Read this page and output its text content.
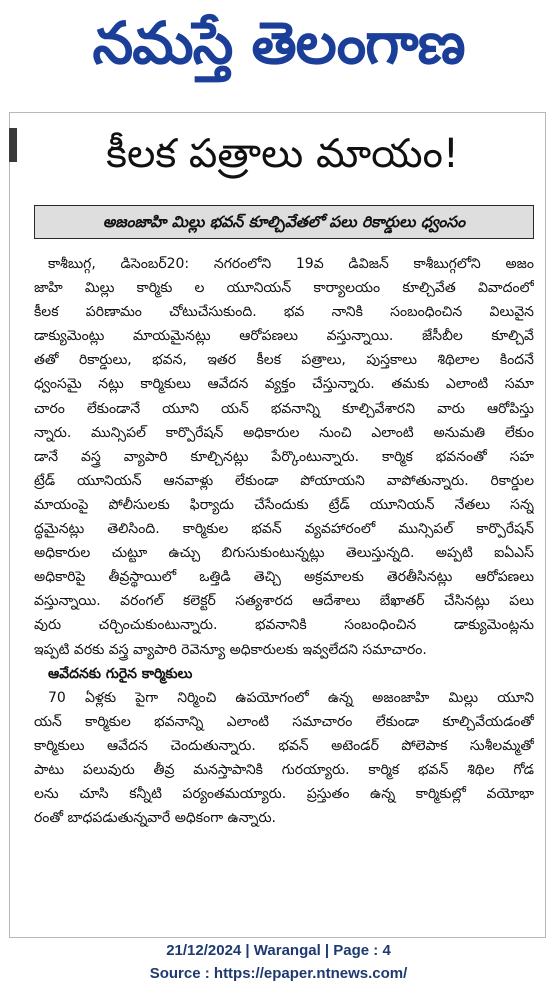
నమస్తే తెలంగాణ
కీలక పత్రాలు మాయం!
అజంజాహి మిల్లు భవన్ కూల్చివేతలో పలు రికార్డులు ధ్వంసం
కాశీబుగ్గ, డిసెంబర్20: నగరంలోని 19వ డివిజన్ కాశీబుగ్గలోని అజం
జాహి మిల్లు కార్మికు ల యూనియన్ కార్యాలయం కూల్చివేత వివాదంలో
కీలక పరిణామం చోటుచేసుకుంది. భవ నానికి సంబంధించిన విలువైన
డాక్యుమెంట్లు మాయమైనట్లు ఆరోపణలు వస్తున్నాయి. జేసీబీల కూల్చివే
తతో రికార్డులు, భవన, ఇతర కీలక పత్రాలు, పుస్తకాలు శిథిలాల కిందనే
ధ్వంసమై నట్లు కార్మికులు ఆవేదన వ్యక్తం చేస్తున్నారు. తమకు ఎలాంటి సమా
చారం లేకుండానే యూని యన్ భవనాన్ని కూల్చివేశారని వారు ఆరోపిస్తు
న్నారు. మున్సిపల్ కార్పొరేషన్ అధికారుల నుంచి ఎలాంటి అనుమతి లేకుం
డానే వస్త్ర వ్యాపారి కూల్చినట్లు పేర్కొంటున్నారు. కార్మిక భవనంతో సహ
ట్రేడ్ యూనియన్ ఆనవాళ్లు లేకుండా పోయాయని వాపోతున్నారు. రికార్డుల
మాయంపై పోలీసులకు ఫిర్యాదు చేసేందుకు ట్రేడ్ యూనియన్ నేతలు సన్న
ద్ధమైనట్లు తెలిసింది. కార్మికుల భవన్ వ్యవహారంలో మున్సిపల్ కార్పొరేషన్
అధికారుల చుట్టూ ఉచ్చు బిగుసుకుంటున్నట్లు తెలుస్తున్నది. అప్పటి ఐఏఎస్
అధికారిపై తీవ్రస్థాయిలో ఒత్తిడి తెచ్చి అక్రమాలకు తెరతీసినట్లు ఆరోపణలు
వస్తున్నాయి. వరంగల్ కలెక్టర్ సత్యశారద ఆదేశాలు బేఖాతర్ చేసినట్లు పలు
వురు చర్చించుకుంటున్నారు. భవనానికి సంబంధించిన డాక్యుమెంట్లను
ఇప్పటి వరకు వస్త్ర వ్యాపారి రెవెన్యూ అధికారులకు ఇవ్వలేదని సమాచారం.
ఆవేదనకు గురైన కార్మికులు
70 ఏళ్లకు పైగా నిర్మించి ఉపయోగంలో ఉన్న అజంజాహి మిల్లు యూని
యన్ కార్మికుల భవనాన్ని ఎలాంటి సమాచారం లేకుండా కూల్చివేయడంతో
కార్మికులు ఆవేదన చెందుతున్నారు. భవన్ అటెండర్ పోలెపాక సుశీలమ్మతో
పాటు పలువురు తీవ్ర మనస్తాపానికి గురయ్యారు. కార్మిక భవన్ శిథిల గోడ
లను చూసి కన్నీటి పర్యంతమయ్యారు. ప్రస్తుతం ఉన్న కార్మికుల్లో వయోభా
రంతో బాధపడుతున్నవారే అధికంగా ఉన్నారు.
21/12/2024 | Warangal | Page : 4
Source : https://epaper.ntnews.com/
